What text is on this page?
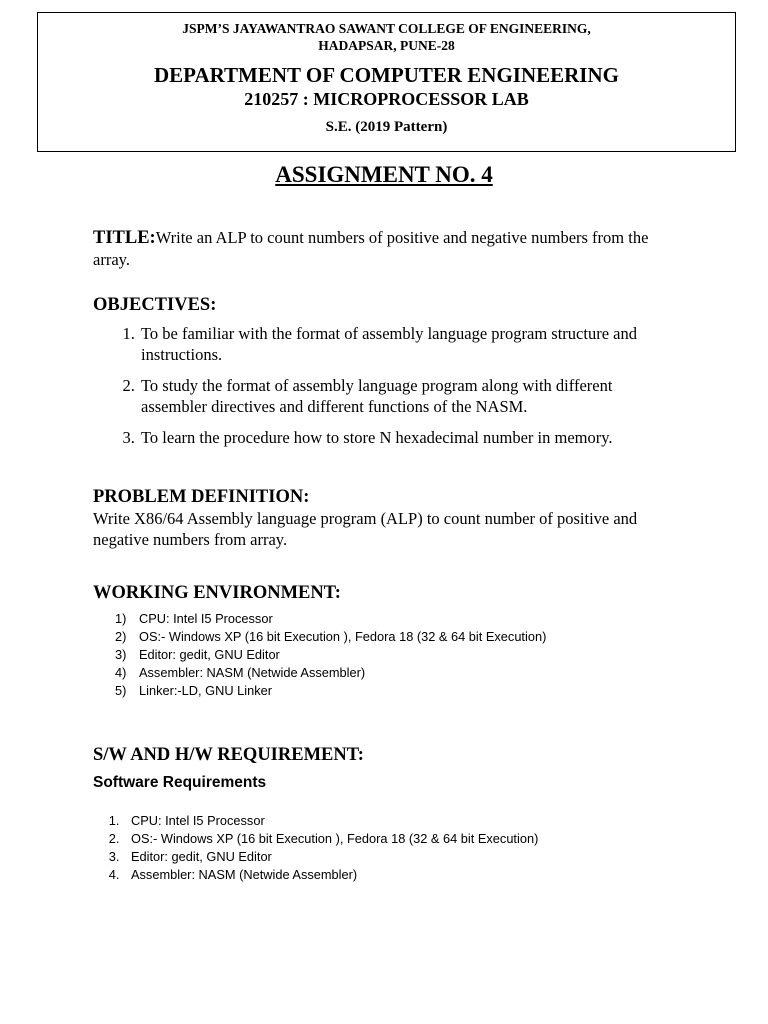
JSPM’S JAYAWANTRAO SAWANT COLLEGE OF ENGINEERING,
HADAPSAR, PUNE-28
DEPARTMENT OF COMPUTER ENGINEERING
210257 : MICROPROCESSOR LAB
S.E. (2019 Pattern)
ASSIGNMENT NO. 4
TITLE:Write an ALP to count numbers of positive and negative numbers from the array.
OBJECTIVES:
1. To be familiar with the format of assembly language program structure and instructions.
2. To study the format of assembly language program along with different assembler directives and different functions of the NASM.
3. To learn the procedure how to store N hexadecimal number in memory.
PROBLEM DEFINITION:
Write X86/64 Assembly language program (ALP) to count number of positive and negative numbers from array.
WORKING ENVIRONMENT:
CPU: Intel I5 Processor
OS:- Windows XP (16 bit Execution ), Fedora 18 (32 & 64 bit Execution)
Editor: gedit, GNU Editor
Assembler: NASM (Netwide Assembler)
Linker:-LD, GNU Linker
S/W AND H/W REQUIREMENT:
Software Requirements
1. CPU: Intel I5 Processor
2. OS:- Windows XP (16 bit Execution ), Fedora 18 (32 & 64 bit Execution)
3. Editor: gedit, GNU Editor
4. Assembler: NASM (Netwide Assembler)
